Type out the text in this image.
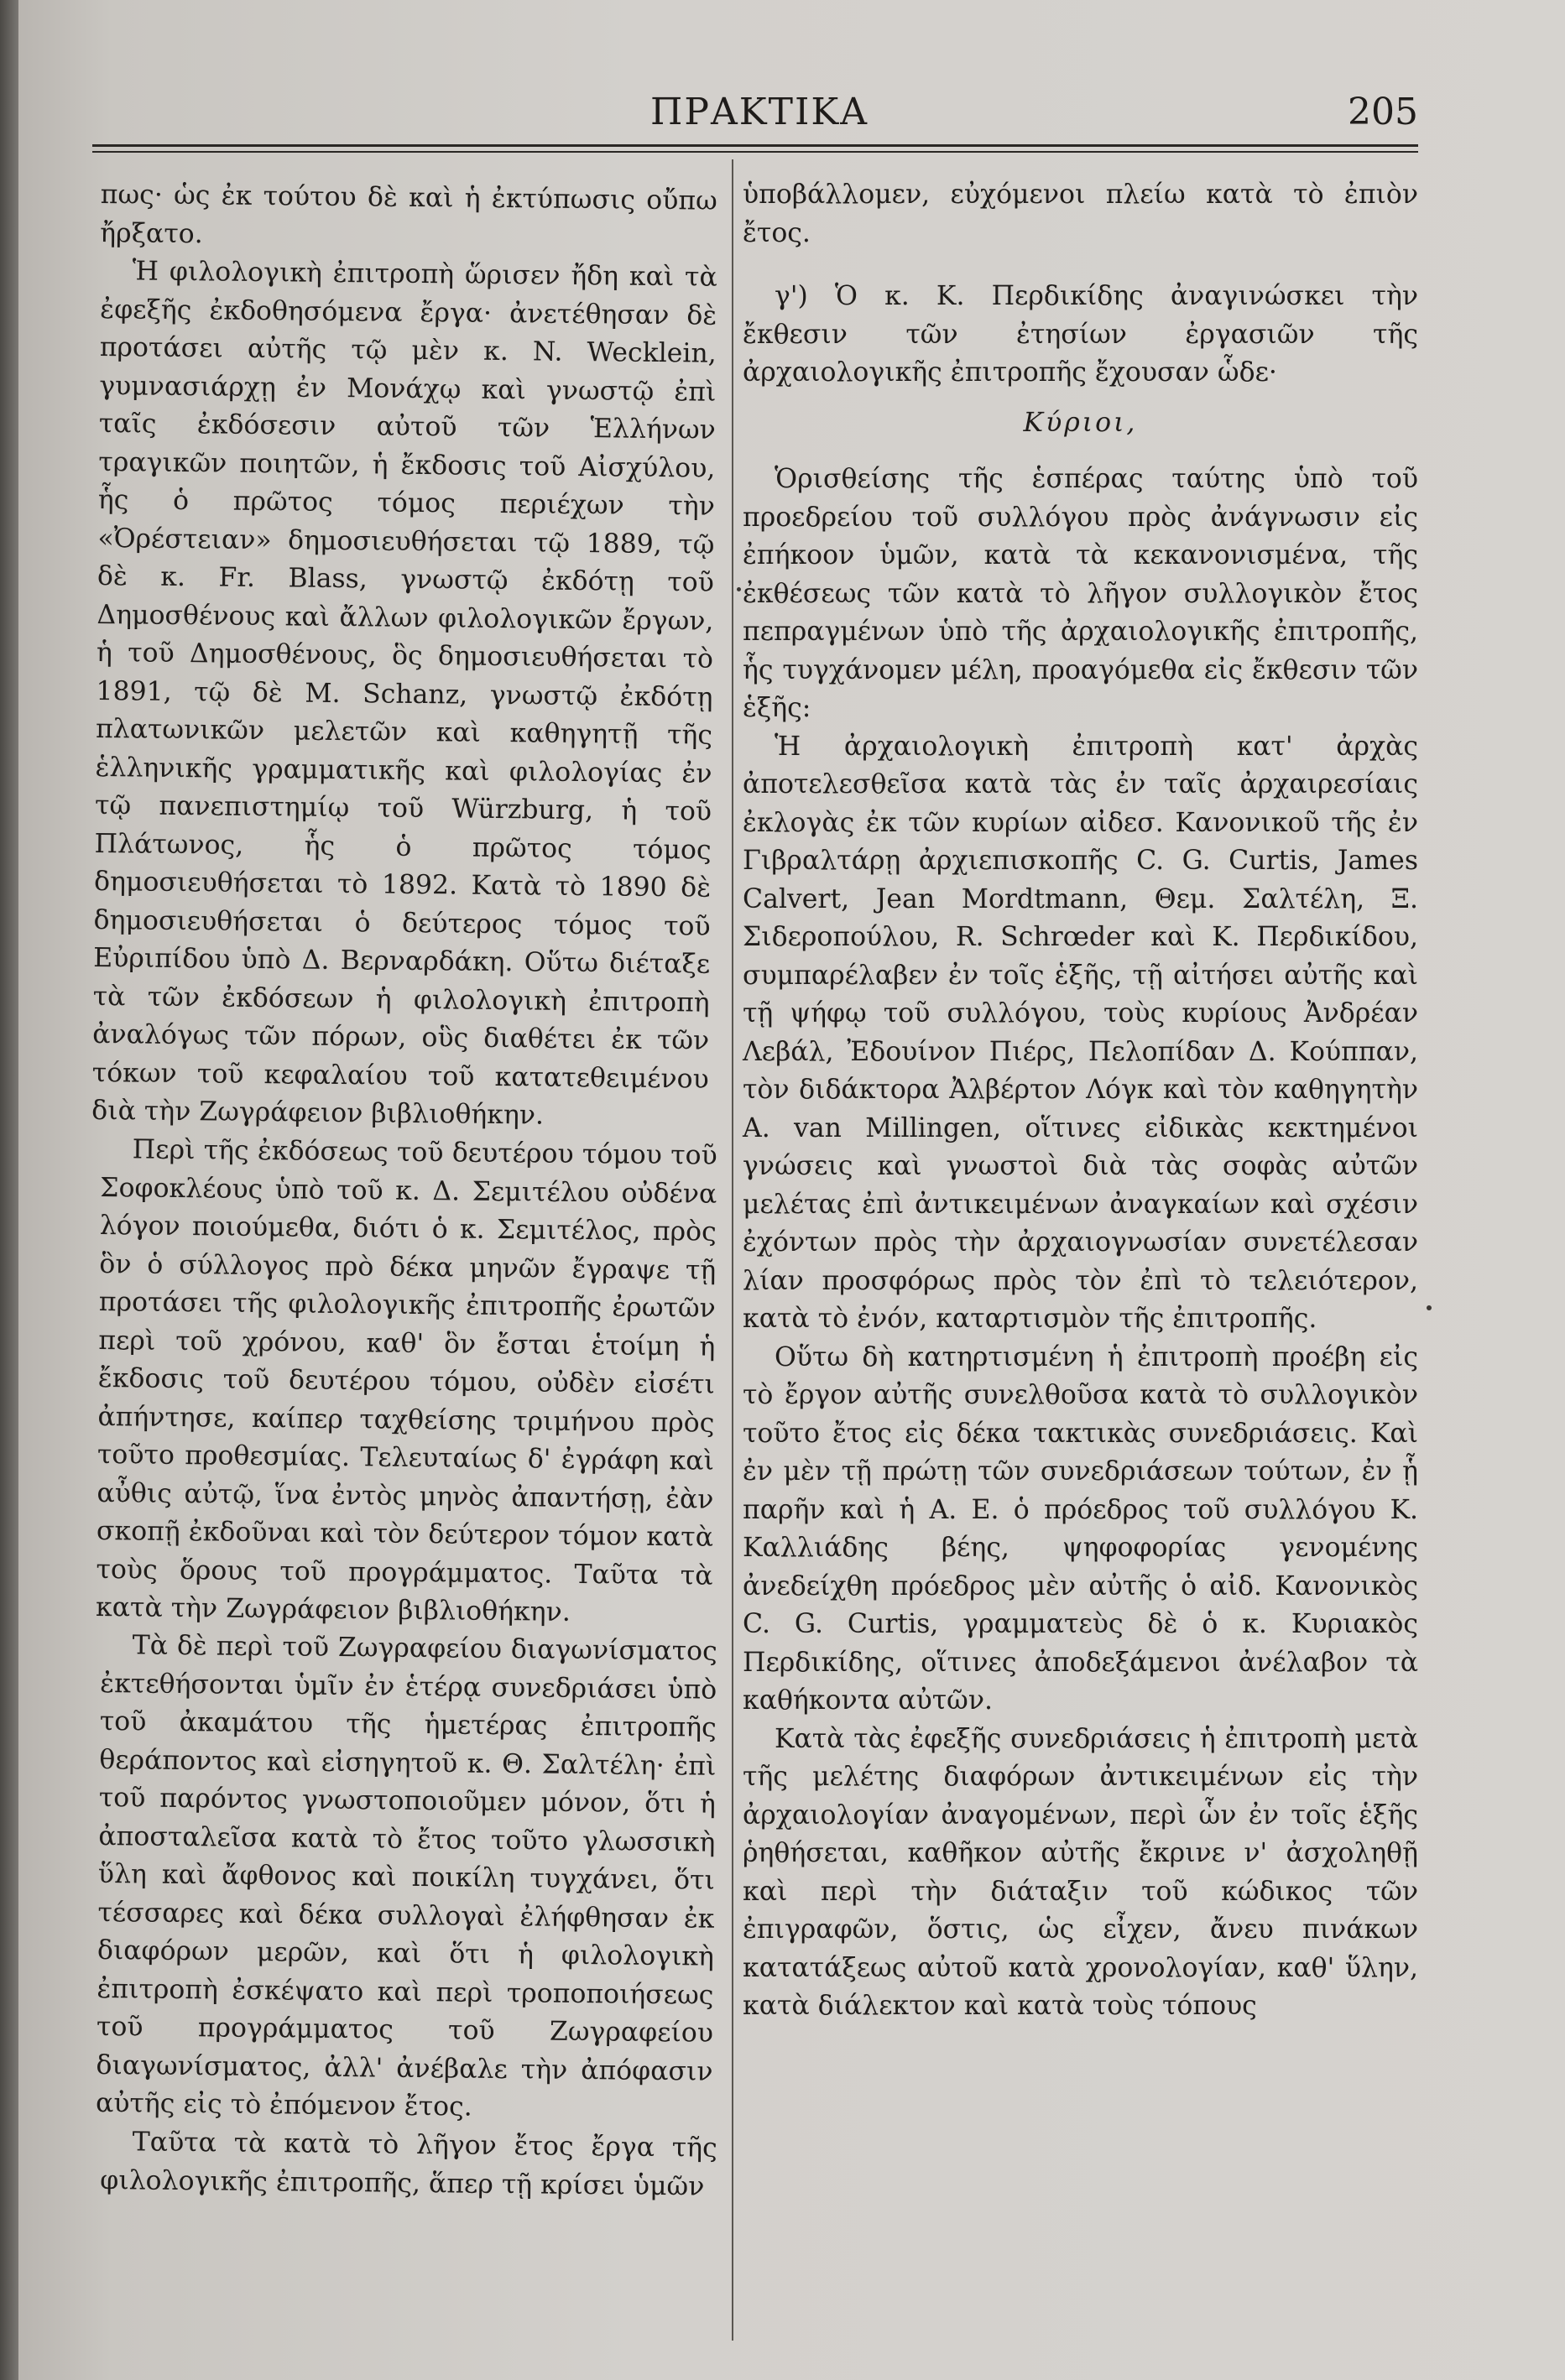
ΠΡΑΚΤΙΚΑ	205

πως· ὡς ἐκ τούτου δὲ καὶ ἡ ἐκτύπωσις οὔπω ἤρξατο.

Ἡ φιλολογικὴ ἐπιτροπὴ ὥρισεν ἤδη καὶ τὰ ἐφεξῆς ἐκδοθησόμενα ἔργα· ἀνετέθησαν δὲ προτάσει αὐτῆς τῷ μὲν κ. N. Wecklein, γυμνασιάρχῃ ἐν Μονάχῳ καὶ γνωστῷ ἐπὶ ταῖς ἐκδόσεσιν αὐτοῦ τῶν Ἑλλήνων τραγικῶν ποιητῶν, ἡ ἔκδοσις τοῦ Αἰσχύλου, ἧς ὁ πρῶτος τόμος περιέχων τὴν «Ὀρέστειαν» δημοσιευθήσεται τῷ 1889, τῷ δὲ κ. Fr. Blass, γνωστῷ ἐκδότῃ τοῦ Δημοσθένους καὶ ἄλλων φιλολογικῶν ἔργων, ἡ τοῦ Δημοσθένους, ὃς δημοσιευθήσεται τὸ 1891, τῷ δὲ M. Schanz, γνωστῷ ἐκδότῃ πλατωνικῶν μελετῶν καὶ καθηγητῇ τῆς ἑλληνικῆς γραμματικῆς καὶ φιλολογίας ἐν τῷ πανεπιστημίῳ τοῦ Würzburg, ἡ τοῦ Πλάτωνος, ἧς ὁ πρῶτος τόμος δημοσιευθήσεται τὸ 1892. Κατὰ τὸ 1890 δὲ δημοσιευθήσεται ὁ δεύτερος τόμος τοῦ Εὐριπίδου ὑπὸ Δ. Βερναρδάκη. Οὕτω διέταξε τὰ τῶν ἐκδόσεων ἡ φιλολογικὴ ἐπιτροπὴ ἀναλόγως τῶν πόρων, οὓς διαθέτει ἐκ τῶν τόκων τοῦ κεφαλαίου τοῦ κατατεθειμένου διὰ τὴν Ζωγράφειον βιβλιοθήκην.

Περὶ τῆς ἐκδόσεως τοῦ δευτέρου τόμου τοῦ Σοφοκλέους ὑπὸ τοῦ κ. Δ. Σεμιτέλου οὐδένα λόγον ποιούμεθα, διότι ὁ κ. Σεμιτέλος, πρὸς ὃν ὁ σύλλογος πρὸ δέκα μηνῶν ἔγραψε τῇ προτάσει τῆς φιλολογικῆς ἐπιτροπῆς ἐρωτῶν περὶ τοῦ χρόνου, καθ' ὃν ἔσται ἑτοίμη ἡ ἔκδοσις τοῦ δευτέρου τόμου, οὐδὲν εἰσέτι ἀπήντησε, καίπερ ταχθείσης τριμήνου πρὸς τοῦτο προθεσμίας. Τελευταίως δ' ἐγράφη καὶ αὖθις αὐτῷ, ἵνα ἐντὸς μηνὸς ἀπαντήσῃ, ἐὰν σκοπῇ ἐκδοῦναι καὶ τὸν δεύτερον τόμον κατὰ τοὺς ὅρους τοῦ προγράμματος. Ταῦτα τὰ κατὰ τὴν Ζωγράφειον βιβλιοθήκην.

Τὰ δὲ περὶ τοῦ Ζωγραφείου διαγωνίσματος ἐκτεθήσονται ὑμῖν ἐν ἑτέρᾳ συνεδριάσει ὑπὸ τοῦ ἀκαμάτου τῆς ἡμετέρας ἐπιτροπῆς θεράποντος καὶ εἰσηγητοῦ κ. Θ. Σαλτέλη· ἐπὶ τοῦ παρόντος γνωστοποιοῦμεν μόνον, ὅτι ἡ ἀποσταλεῖσα κατὰ τὸ ἔτος τοῦτο γλωσσικὴ ὕλη καὶ ἄφθονος καὶ ποικίλη τυγχάνει, ὅτι τέσσαρες καὶ δέκα συλλογαὶ ἐλήφθησαν ἐκ διαφόρων μερῶν, καὶ ὅτι ἡ φιλολογικὴ ἐπιτροπὴ ἐσκέψατο καὶ περὶ τροποποιήσεως τοῦ προγράμματος τοῦ Ζωγραφείου διαγωνίσματος, ἀλλ' ἀνέβαλε τὴν ἀπόφασιν αὐτῆς εἰς τὸ ἐπόμενον ἔτος.

Ταῦτα τὰ κατὰ τὸ λῆγον ἔτος ἔργα τῆς φιλολογικῆς ἐπιτροπῆς, ἅπερ τῇ κρίσει ὑμῶν

ὑποβάλλομεν, εὐχόμενοι πλείω κατὰ τὸ ἐπιὸν ἔτος.

γ') Ὁ κ. Κ. Περδικίδης ἀναγινώσκει τὴν ἔκθεσιν τῶν ἐτησίων ἐργασιῶν τῆς ἀρχαιολογικῆς ἐπιτροπῆς ἔχουσαν ὧδε·

Κύριοι,

Ὁρισθείσης τῆς ἑσπέρας ταύτης ὑπὸ τοῦ προεδρείου τοῦ συλλόγου πρὸς ἀνάγνωσιν εἰς ἐπήκοον ὑμῶν, κατὰ τὰ κεκανονισμένα, τῆς ἐκθέσεως τῶν κατὰ τὸ λῆγον συλλογικὸν ἔτος πεπραγμένων ὑπὸ τῆς ἀρχαιολογικῆς ἐπιτροπῆς, ἧς τυγχάνομεν μέλη, προαγόμεθα εἰς ἔκθεσιν τῶν ἑξῆς:

Ἡ ἀρχαιολογικὴ ἐπιτροπὴ κατ' ἀρχὰς ἀποτελεσθεῖσα κατὰ τὰς ἐν ταῖς ἀρχαιρεσίαις ἐκλογὰς ἐκ τῶν κυρίων αἰδεσ. Κανονικοῦ τῆς ἐν Γιβραλτάρῃ ἀρχιεπισκοπῆς C. G. Curtis, James Calvert, Jean Mordtmann, Θεμ. Σαλτέλη, Ξ. Σιδεροπούλου, R. Schrœder καὶ Κ. Περδικίδου, συμπαρέλαβεν ἐν τοῖς ἑξῆς, τῇ αἰτήσει αὐτῆς καὶ τῇ ψήφῳ τοῦ συλλόγου, τοὺς κυρίους Ἀνδρέαν Λεβάλ, Ἐδουίνον Πιέρς, Πελοπίδαν Δ. Κούππαν, τὸν διδάκτορα Ἀλβέρτον Λόγκ καὶ τὸν καθηγητὴν A. van Millingen, οἵτινες εἰδικὰς κεκτημένοι γνώσεις καὶ γνωστοὶ διὰ τὰς σοφὰς αὐτῶν μελέτας ἐπὶ ἀντικειμένων ἀναγκαίων καὶ σχέσιν ἐχόντων πρὸς τὴν ἀρχαιογνωσίαν συνετέλεσαν λίαν προσφόρως πρὸς τὸν ἐπὶ τὸ τελειότερον, κατὰ τὸ ἐνόν, καταρτισμὸν τῆς ἐπιτροπῆς.

Οὕτω δὴ κατηρτισμένη ἡ ἐπιτροπὴ προέβη εἰς τὸ ἔργον αὐτῆς συνελθοῦσα κατὰ τὸ συλλογικὸν τοῦτο ἔτος εἰς δέκα τακτικὰς συνεδριάσεις. Καὶ ἐν μὲν τῇ πρώτῃ τῶν συνεδριάσεων τούτων, ἐν ᾗ παρῆν καὶ ἡ Α. Ε. ὁ πρόεδρος τοῦ συλλόγου Κ. Καλλιάδης βέης, ψηφοφορίας γενομένης ἀνεδείχθη πρόεδρος μὲν αὐτῆς ὁ αἰδ. Κανονικὸς C. G. Curtis, γραμματεὺς δὲ ὁ κ. Κυριακὸς Περδικίδης, οἵτινες ἀποδεξάμενοι ἀνέλαβον τὰ καθήκοντα αὐτῶν.

Κατὰ τὰς ἐφεξῆς συνεδριάσεις ἡ ἐπιτροπὴ μετὰ τῆς μελέτης διαφόρων ἀντικειμένων εἰς τὴν ἀρχαιολογίαν ἀναγομένων, περὶ ὧν ἐν τοῖς ἑξῆς ῥηθήσεται, καθῆκον αὐτῆς ἔκρινε ν' ἀσχοληθῇ καὶ περὶ τὴν διάταξιν τοῦ κώδικος τῶν ἐπιγραφῶν, ὅστις, ὡς εἶχεν, ἄνευ πινάκων κατατάξεως αὐτοῦ κατὰ χρονολογίαν, καθ' ὕλην, κατὰ διάλεκτον καὶ κατὰ τοὺς τόπους
